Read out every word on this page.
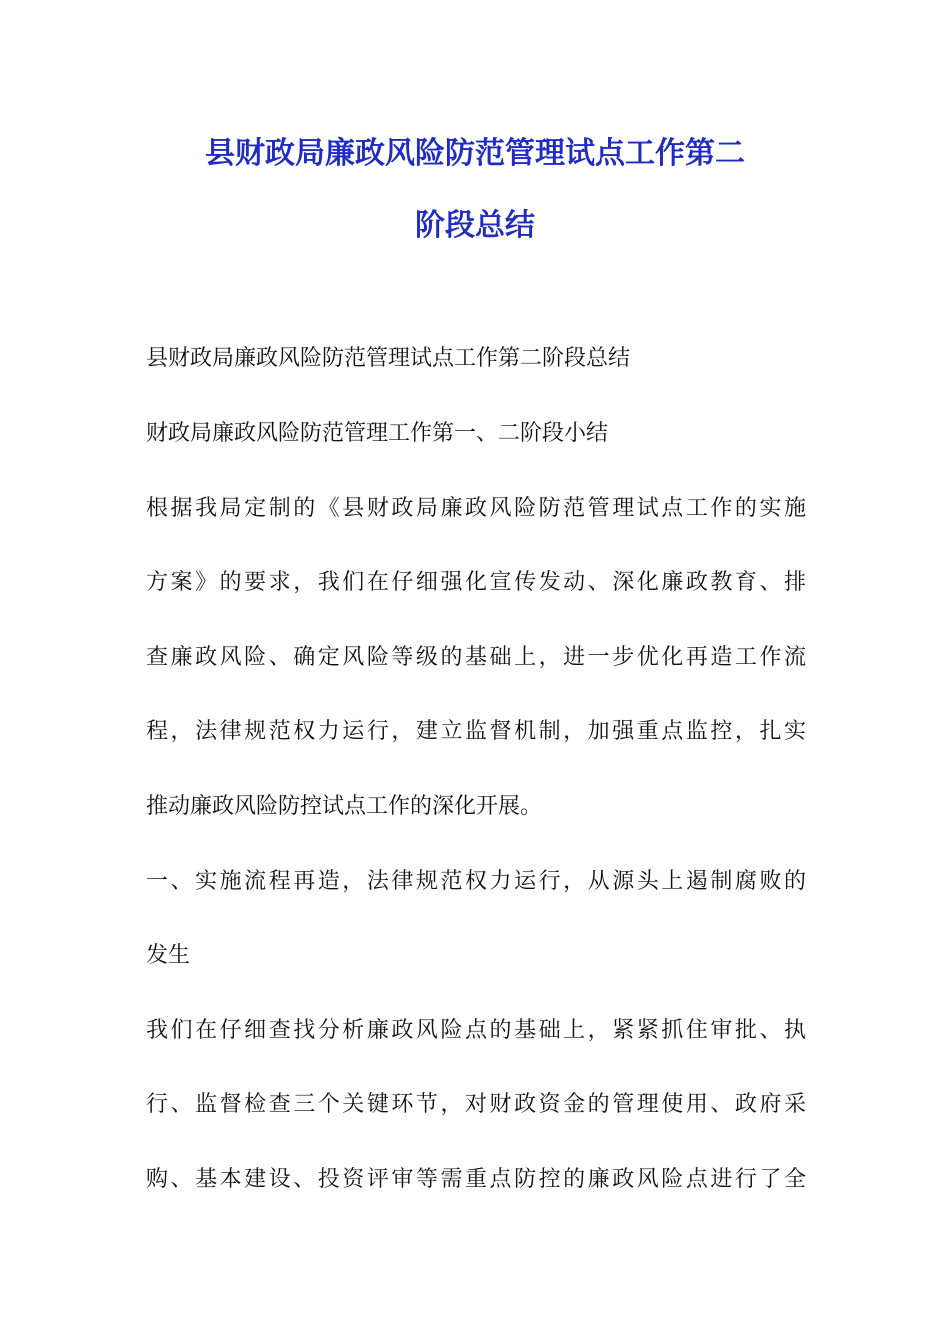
县财政局廉政风险防范管理试点工作第二
阶段总结
县财政局廉政风险防范管理试点工作第二阶段总结
财政局廉政风险防范管理工作第一、二阶段小结
根据我局定制的《县财政局廉政风险防范管理试点工作的实施
方案》的要求，我们在仔细强化宣传发动、深化廉政教育、排
查廉政风险、确定风险等级的基础上，进一步优化再造工作流
程，法律规范权力运行，建立监督机制，加强重点监控，扎实
推动廉政风险防控试点工作的深化开展。
一、实施流程再造，法律规范权力运行，从源头上遏制腐败的
发生
我们在仔细查找分析廉政风险点的基础上，紧紧抓住审批、执
行、监督检查三个关键环节，对财政资金的管理使用、政府采
购、基本建设、投资评审等需重点防控的廉政风险点进行了全
